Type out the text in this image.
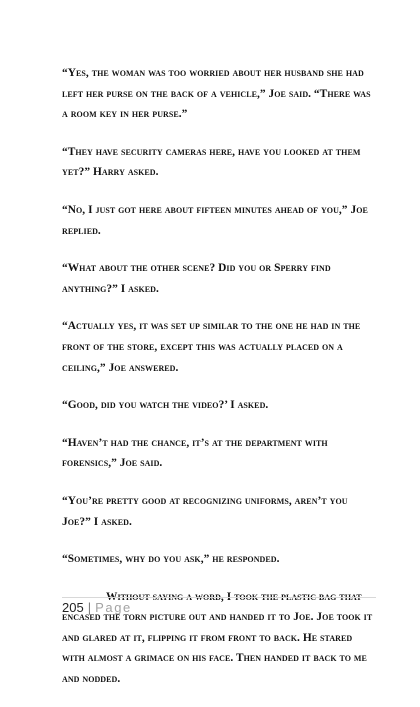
“Yes, the woman was too worried about her husband she had left her purse on the back of a vehicle,” Joe said. “There was a room key in her purse.”

“They have security cameras here, have you looked at them yet?” Harry asked.

“No, I just got here about fifteen minutes ahead of you,” Joe replied.

“What about the other scene? Did you or Sperry find anything?” I asked.

“Actually yes, it was set up similar to the one he had in the front of the store, except this was actually placed on a ceiling,” Joe answered.

“Good, did you watch the video?’ I asked.

“Haven’t had the chance, it’s at the department with forensics,” Joe said.

“You’re pretty good at recognizing uniforms, aren’t you Joe?” I asked.

“Sometimes, why do you ask,” he responded.

Without saying a word, I took the plastic bag that encased the torn picture out and handed it to Joe. Joe took it and glared at it, flipping it from front to back. He stared with almost a grimace on his face. Then handed it back to me and nodded.

205 | Page
